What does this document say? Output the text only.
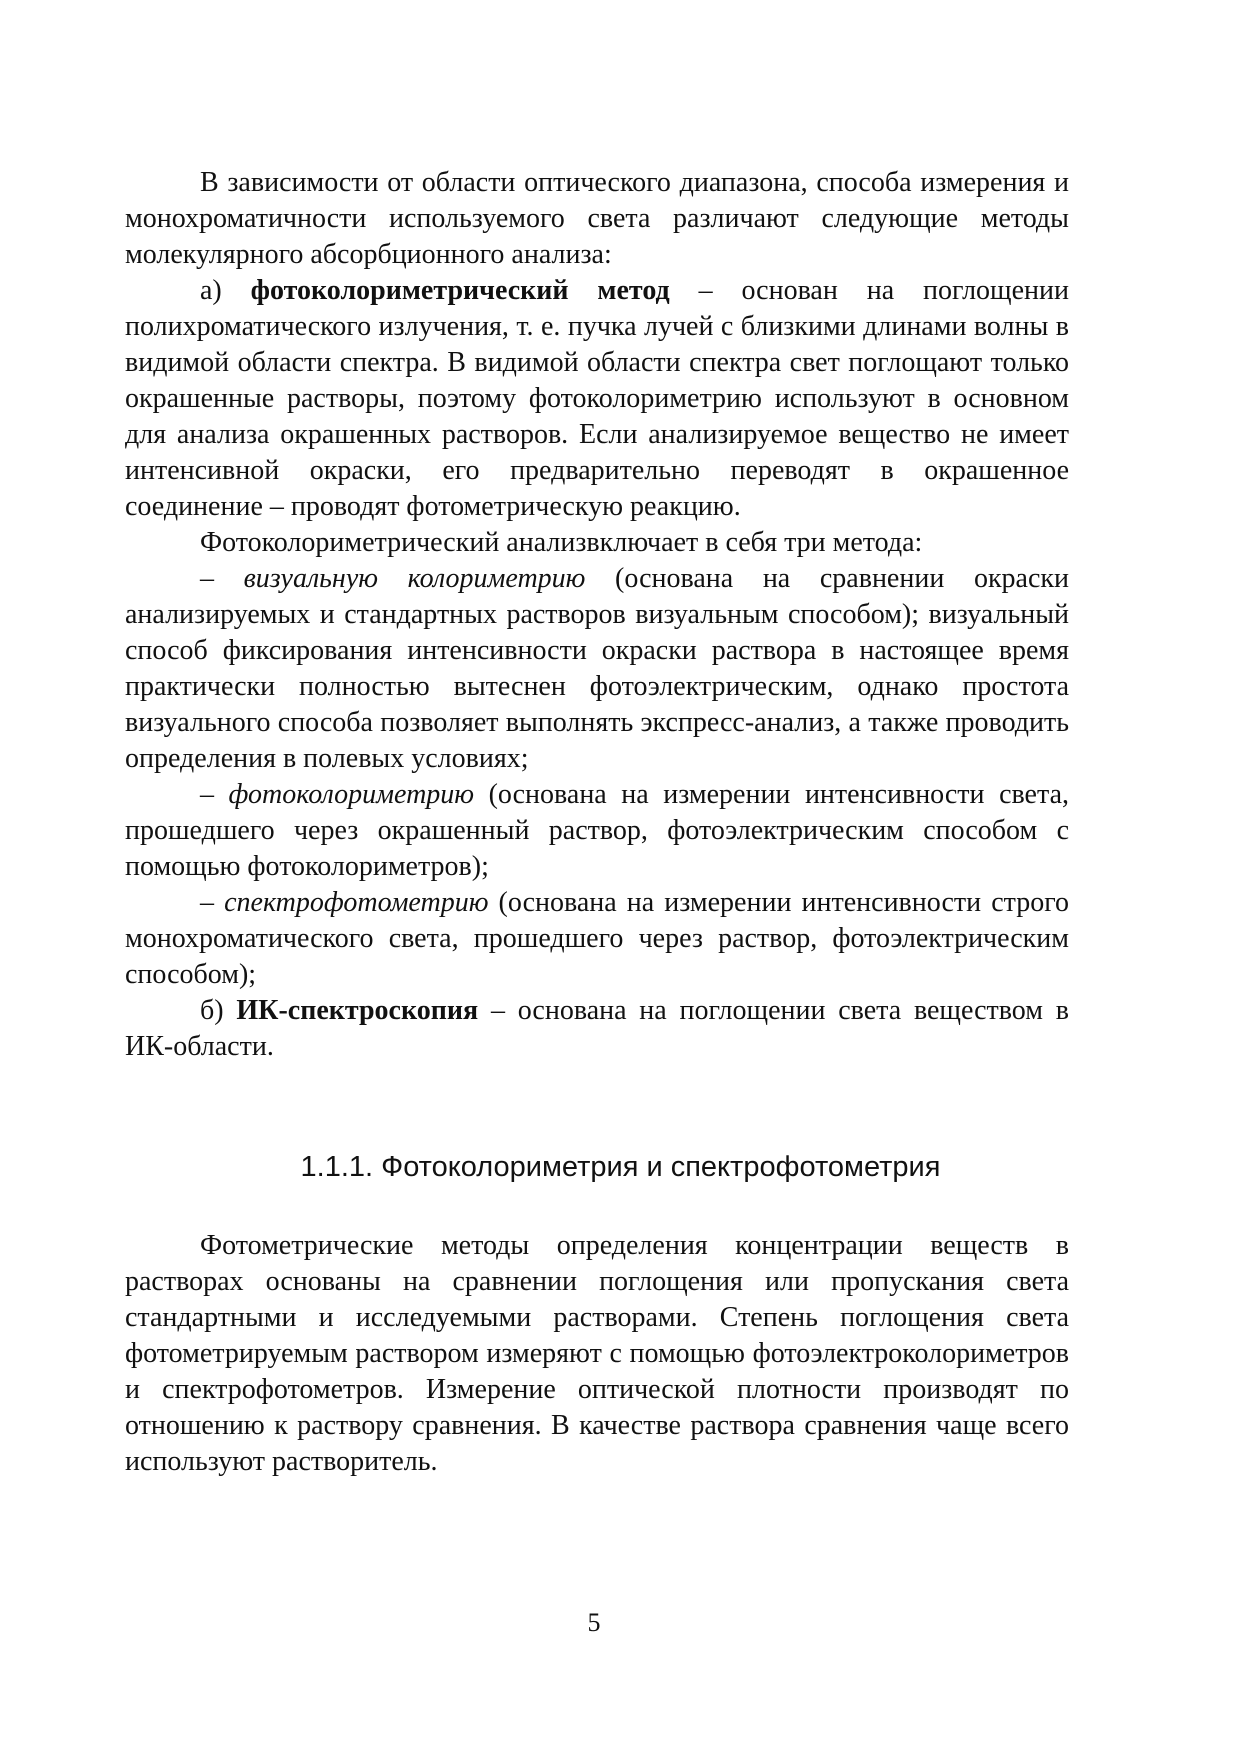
В зависимости от области оптического диапазона, способа измерения и монохроматичности используемого света различают следующие методы молекулярного абсорбционного анализа:

а) фотоколориметрический метод – основан на поглощении полихроматического излучения, т. е. пучка лучей с близкими длинами волны в видимой области спектра. В видимой области спектра свет поглощают только окрашенные растворы, поэтому фотоколориметрию используют в основном для анализа окрашенных растворов. Если анализируемое вещество не имеет интенсивной окраски, его предварительно переводят в окрашенное соединение – проводят фотометрическую реакцию.

Фотоколориметрический анализвключает в себя три метода:

– визуальную колориметрию (основана на сравнении окраски анализируемых и стандартных растворов визуальным способом); визуальный способ фиксирования интенсивности окраски раствора в настоящее время практически полностью вытеснен фотоэлектрическим, однако простота визуального способа позволяет выполнять экспресс-анализ, а также проводить определения в полевых условиях;

– фотоколориметрию (основана на измерении интенсивности света, прошедшего через окрашенный раствор, фотоэлектрическим способом с помощью фотоколориметров);

– спектрофотометрию (основана на измерении интенсивности строго монохроматического света, прошедшего через раствор, фотоэлектрическим способом);

б) ИК-спектроскопия – основана на поглощении света веществом в ИК-области.

1.1.1. Фотоколориметрия и спектрофотометрия

Фотометрические методы определения концентрации веществ в растворах основаны на сравнении поглощения или пропускания света стандартными и исследуемыми растворами. Степень поглощения света фотометрируемым раствором измеряют с помощью фотоэлектроколориметров и спектрофотометров. Измерение оптической плотности производят по отношению к раствору сравнения. В качестве раствора сравнения чаще всего используют растворитель.

5
